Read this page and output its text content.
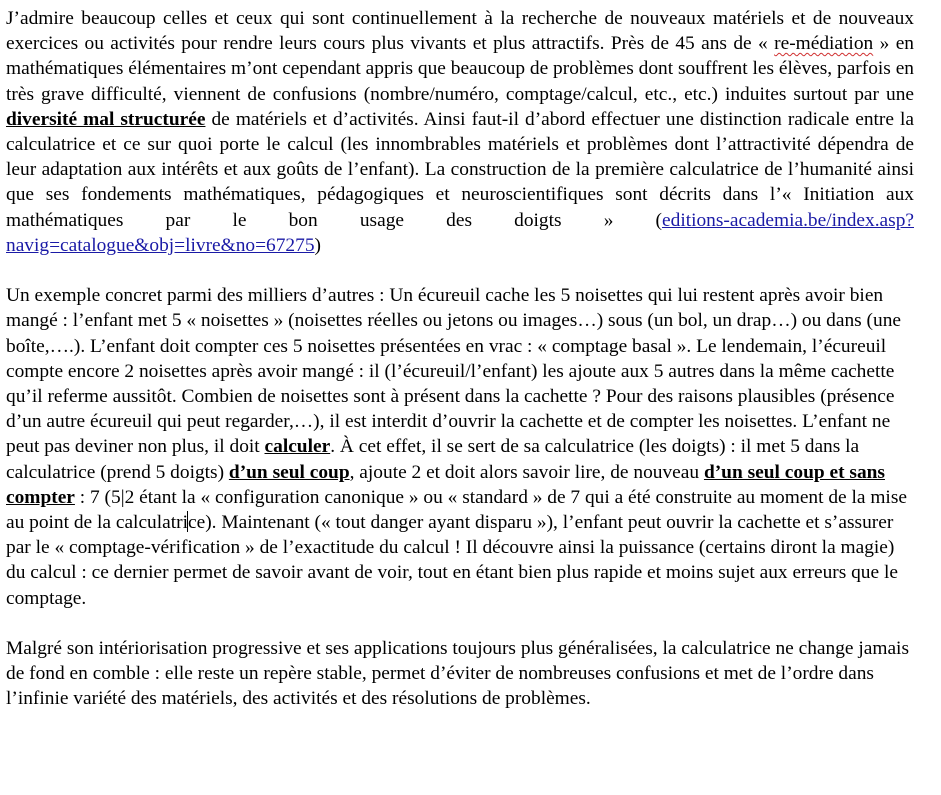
J’admire beaucoup celles et ceux qui sont continuellement à la recherche de nouveaux matériels et de nouveaux exercices ou activités pour rendre leurs cours plus vivants et plus attractifs. Près de 45 ans de « re-médiation » en mathématiques élémentaires m’ont cependant appris que beaucoup de problèmes dont souffrent les élèves, parfois en très grave difficulté, viennent de confusions (nombre/numéro, comptage/calcul, etc., etc.) induites surtout par une diversité mal structurée de matériels et d’activités. Ainsi faut-il d’abord effectuer une distinction radicale entre la calculatrice et ce sur quoi porte le calcul (les innombrables matériels et problèmes dont l’attractivité dépendra de leur adaptation aux intérêts et aux goûts de l’enfant). La construction de la première calculatrice de l’humanité ainsi que ses fondements mathématiques, pédagogiques et neuroscientifiques sont décrits dans l’« Initiation aux mathématiques par le bon usage des doigts » (editions-academia.be/index.asp?navig=catalogue&obj=livre&no=67275)

Un exemple concret parmi des milliers d’autres : Un écureuil cache les 5 noisettes qui lui restent après avoir bien mangé : l’enfant met 5 « noisettes » (noisettes réelles ou jetons ou images…) sous (un bol, un drap…) ou dans (une boîte,….). L’enfant doit compter ces 5 noisettes présentées en vrac : « comptage basal ». Le lendemain, l’écureuil compte encore 2 noisettes après avoir mangé : il (l’écureuil/l’enfant) les ajoute aux 5 autres dans la même cachette qu’il referme aussitôt. Combien de noisettes sont à présent dans la cachette ? Pour des raisons plausibles (présence d’un autre écureuil qui peut regarder,…), il est interdit d’ouvrir la cachette et de compter les noisettes. L’enfant ne peut pas deviner non plus, il doit calculer. À cet effet, il se sert de sa calculatrice (les doigts) : il met 5 dans la calculatrice (prend 5 doigts) d’un seul coup, ajoute 2 et doit alors savoir lire, de nouveau d’un seul coup et sans compter : 7 (5|2 étant la « configuration canonique » ou « standard » de 7 qui a été construite au moment de la mise au point de la calculatrice). Maintenant (« tout danger ayant disparu »), l’enfant peut ouvrir la cachette et s’assurer par le « comptage-vérification » de l’exactitude du calcul ! Il découvre ainsi la puissance (certains diront la magie) du calcul : ce dernier permet de savoir avant de voir, tout en étant bien plus rapide et moins sujet aux erreurs que le comptage.

Malgré son intériorisation progressive et ses applications toujours plus généralisées, la calculatrice ne change jamais de fond en comble : elle reste un repère stable, permet d’éviter de nombreuses confusions et met de l’ordre dans l’infinie variété des matériels, des activités et des résolutions de problèmes.
